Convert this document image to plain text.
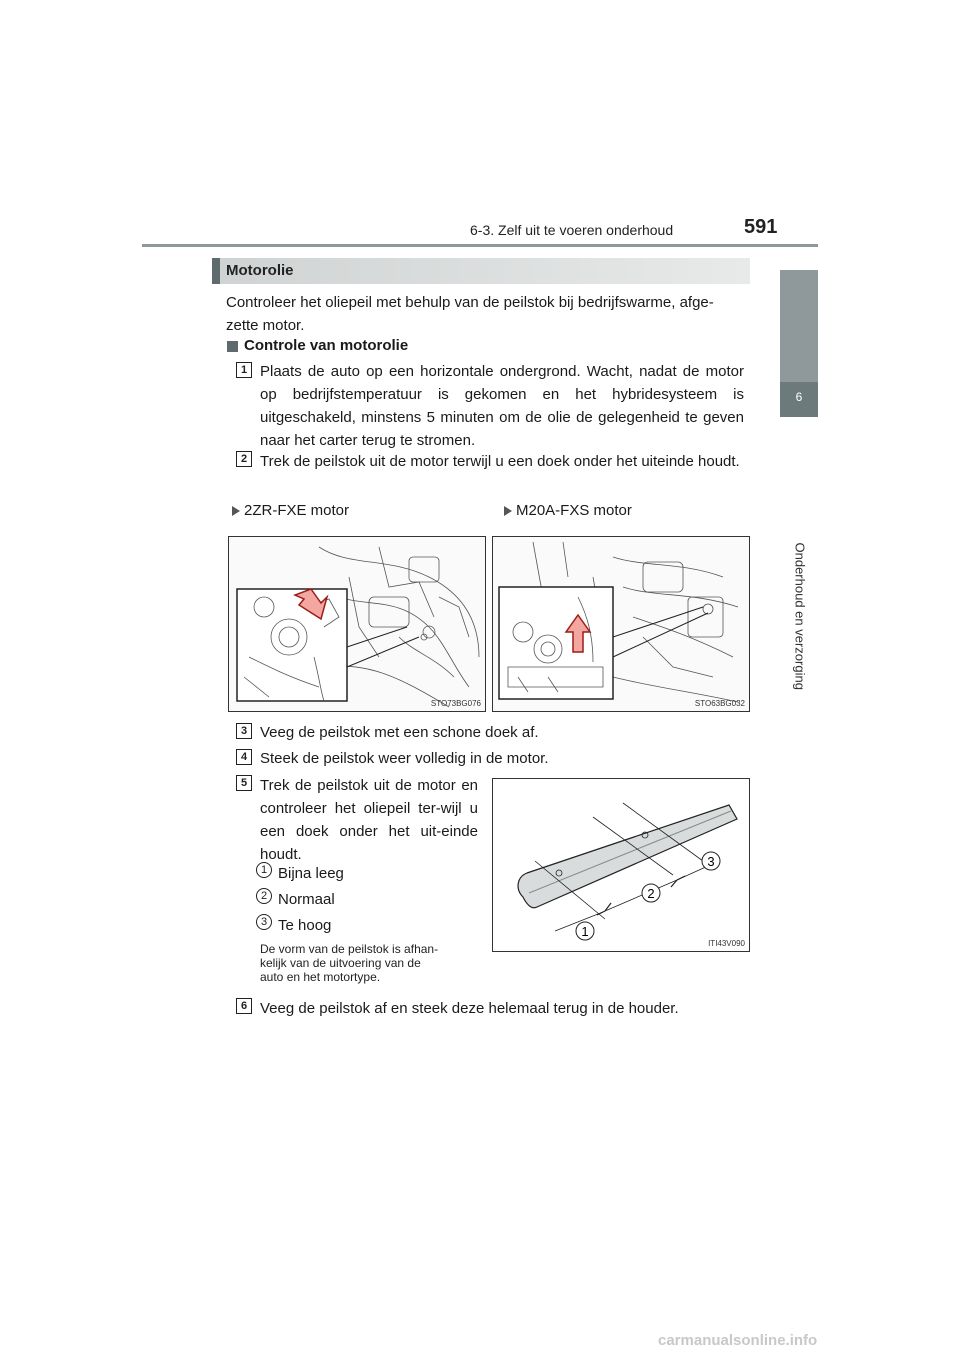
6-3. Zelf uit te voeren onderhoud	591
6
Onderhoud en verzorging
Motorolie
Controleer het oliepeil met behulp van de peilstok bij bedrijfswarme, afge-
zette motor.
Controle van motorolie
1 Plaats de auto op een horizontale ondergrond. Wacht, nadat de motor op bedrijfstemperatuur is gekomen en het hybridesysteem is uitgeschakeld, minstens 5 minuten om de olie de gelegenheid te geven naar het carter terug te stromen.
2 Trek de peilstok uit de motor terwijl u een doek onder het uiteinde houdt.
2ZR-FXE motor	M20A-FXS motor
STO73BG076	STO63BG032
3 Veeg de peilstok met een schone doek af.
4 Steek de peilstok weer volledig in de motor.
5 Trek de peilstok uit de motor en controleer het oliepeil ter-wijl u een doek onder het uit-einde houdt.
1 Bijna leeg
2 Normaal
3 Te hoog
De vorm van de peilstok is afhan-
kelijk van de uitvoering van de
auto en het motortype.
1
2
3
ITI43V090
6 Veeg de peilstok af en steek deze helemaal terug in de houder.
carmanualsonline.info
